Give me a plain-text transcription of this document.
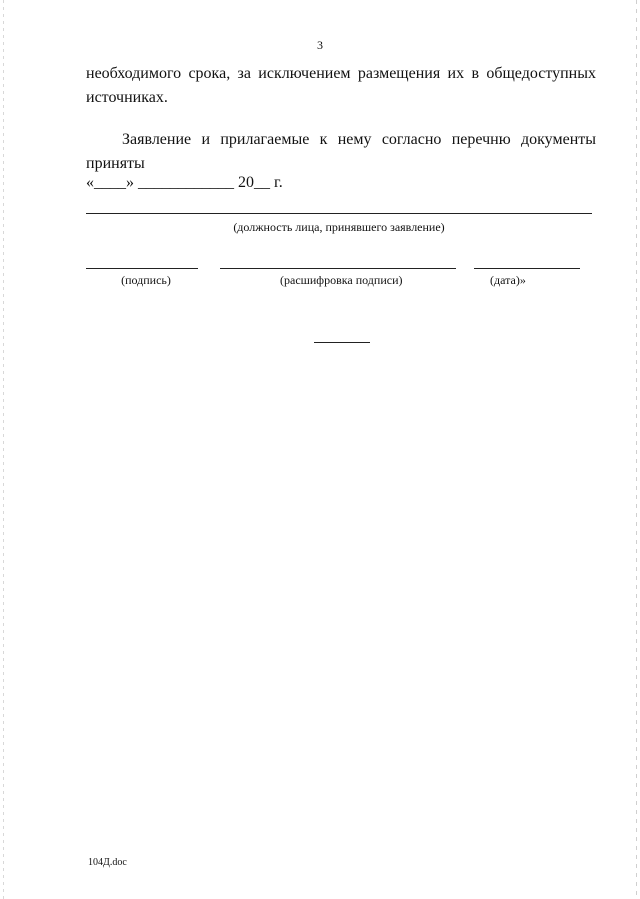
3
необходимого срока, за исключением размещения их в общедоступных источниках.
Заявление и прилагаемые к нему согласно перечню документы приняты
«____» ____________ 20__ г.
(должность лица, принявшего заявление)
(подпись)	(расшифровка подписи)	(дата)»
104Д.doc
